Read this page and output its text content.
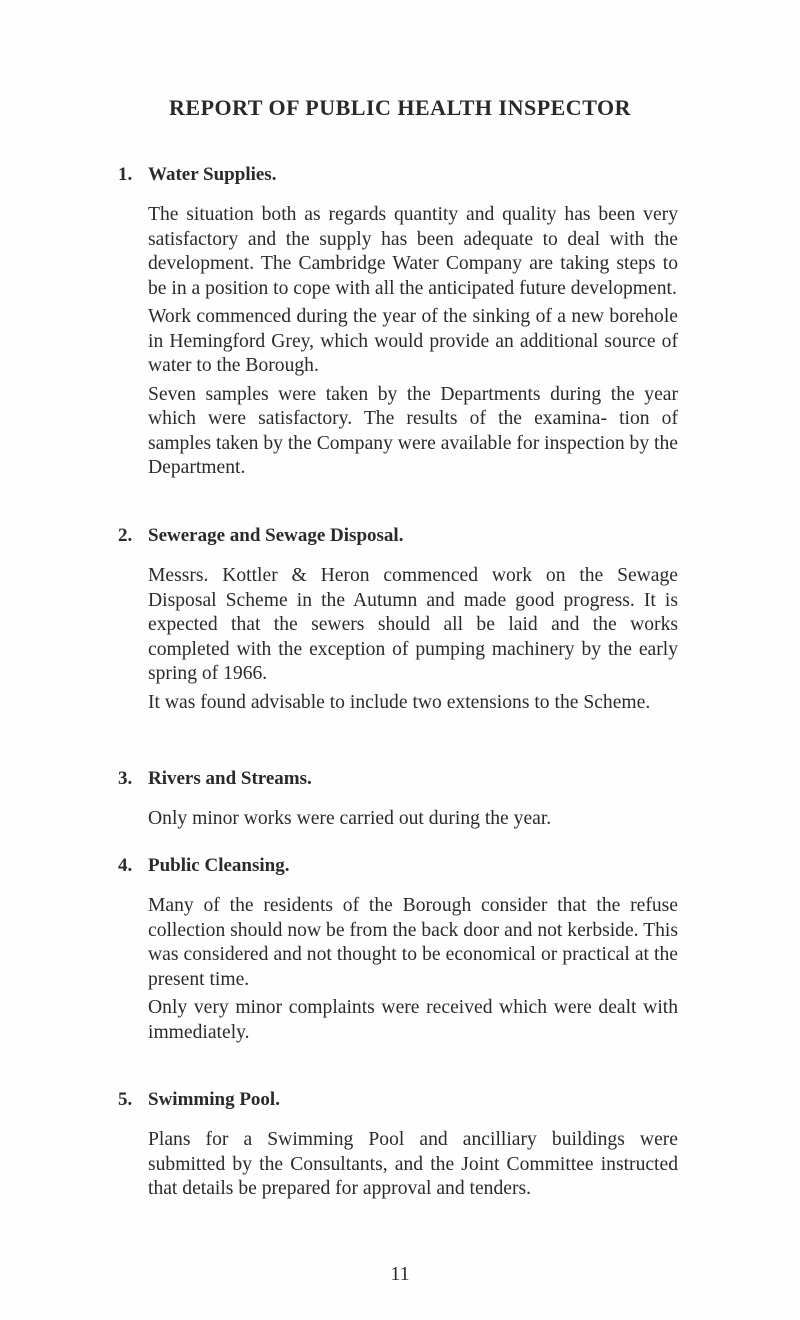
REPORT OF PUBLIC HEALTH INSPECTOR
1. Water Supplies.

The situation both as regards quantity and quality has been very satisfactory and the supply has been adequate to deal with the development. The Cambridge Water Company are taking steps to be in a position to cope with all the anticipated future development.

Work commenced during the year of the sinking of a new borehole in Hemingford Grey, which would provide an additional source of water to the Borough.

Seven samples were taken by the Departments during the year which were satisfactory. The results of the examina- tion of samples taken by the Company were available for inspection by the Department.

2. Sewerage and Sewage Disposal.

Messrs. Kottler & Heron commenced work on the Sewage Disposal Scheme in the Autumn and made good progress. It is expected that the sewers should all be laid and the works completed with the exception of pumping machinery by the early spring of 1966.

It was found advisable to include two extensions to the Scheme.

3. Rivers and Streams.

Only minor works were carried out during the year.

4. Public Cleansing.

Many of the residents of the Borough consider that the refuse collection should now be from the back door and not kerbside. This was considered and not thought to be economical or practical at the present time.

Only very minor complaints were received which were dealt with immediately.

5. Swimming Pool.

Plans for a Swimming Pool and ancilliary buildings were submitted by the Consultants, and the Joint Committee instructed that details be prepared for approval and tenders.

11
